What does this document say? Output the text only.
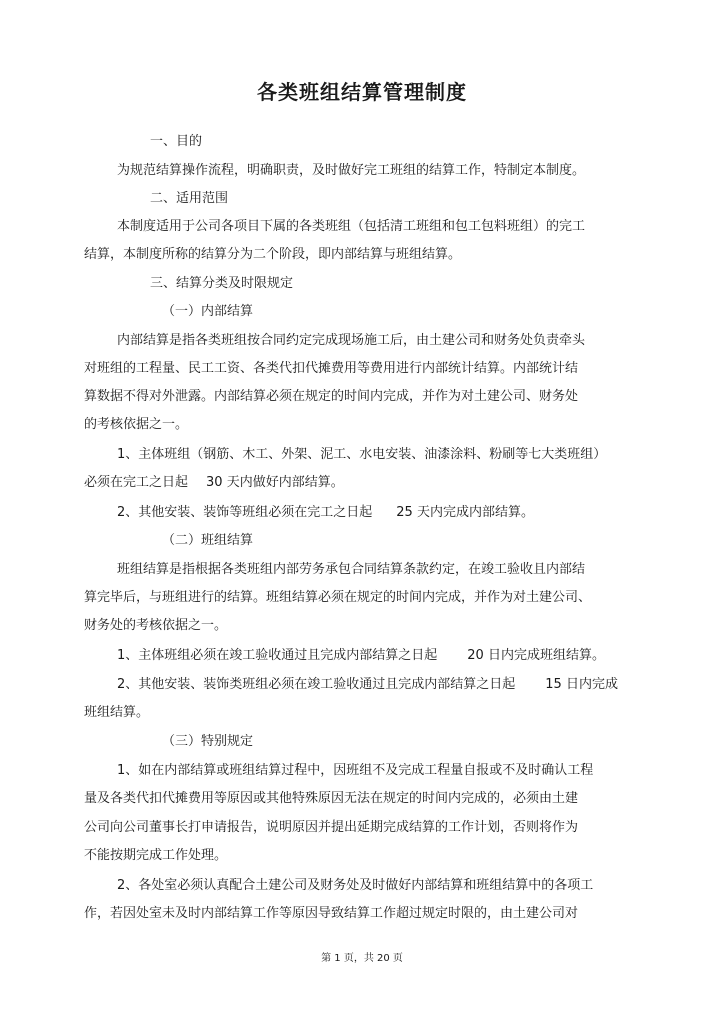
各类班组结算管理制度
一、目的
为规范结算操作流程，明确职责，及时做好完工班组的结算工作，特制定本制度。
二、适用范围
本制度适用于公司各项目下属的各类班组（包括清工班组和包工包料班组）的完工
结算，本制度所称的结算分为二个阶段，即内部结算与班组结算。
三、结算分类及时限规定
（一）内部结算
内部结算是指各类班组按合同约定完成现场施工后，由土建公司和财务处负责牵头
对班组的工程量、民工工资、各类代扣代摊费用等费用进行内部统计结算。内部统计结
算数据不得对外泄露。内部结算必须在规定的时间内完成，并作为对土建公司、财务处
的考核依据之一。
1、主体班组（钢筋、木工、外架、泥工、水电安装、油漆涂料、粉刷等七大类班组）
必须在完工之日起 30 天内做好内部结算。
2、其他安装、装饰等班组必须在完工之日起 25 天内完成内部结算。
（二）班组结算
班组结算是指根据各类班组内部劳务承包合同结算条款约定，在竣工验收且内部结
算完毕后，与班组进行的结算。班组结算必须在规定的时间内完成，并作为对土建公司、
财务处的考核依据之一。
1、主体班组必须在竣工验收通过且完成内部结算之日起 20 日内完成班组结算。
2、其他安装、装饰类班组必须在竣工验收通过且完成内部结算之日起 15 日内完成
班组结算。
（三）特别规定
1、如在内部结算或班组结算过程中，因班组不及完成工程量自报或不及时确认工程
量及各类代扣代摊费用等原因或其他特殊原因无法在规定的时间内完成的，必须由土建
公司向公司董事长打申请报告，说明原因并提出延期完成结算的工作计划，否则将作为
不能按期完成工作处理。
2、各处室必须认真配合土建公司及财务处及时做好内部结算和班组结算中的各项工
作，若因处室未及时内部结算工作等原因导致结算工作超过规定时限的，由土建公司对
第 1 页，共 20 页
